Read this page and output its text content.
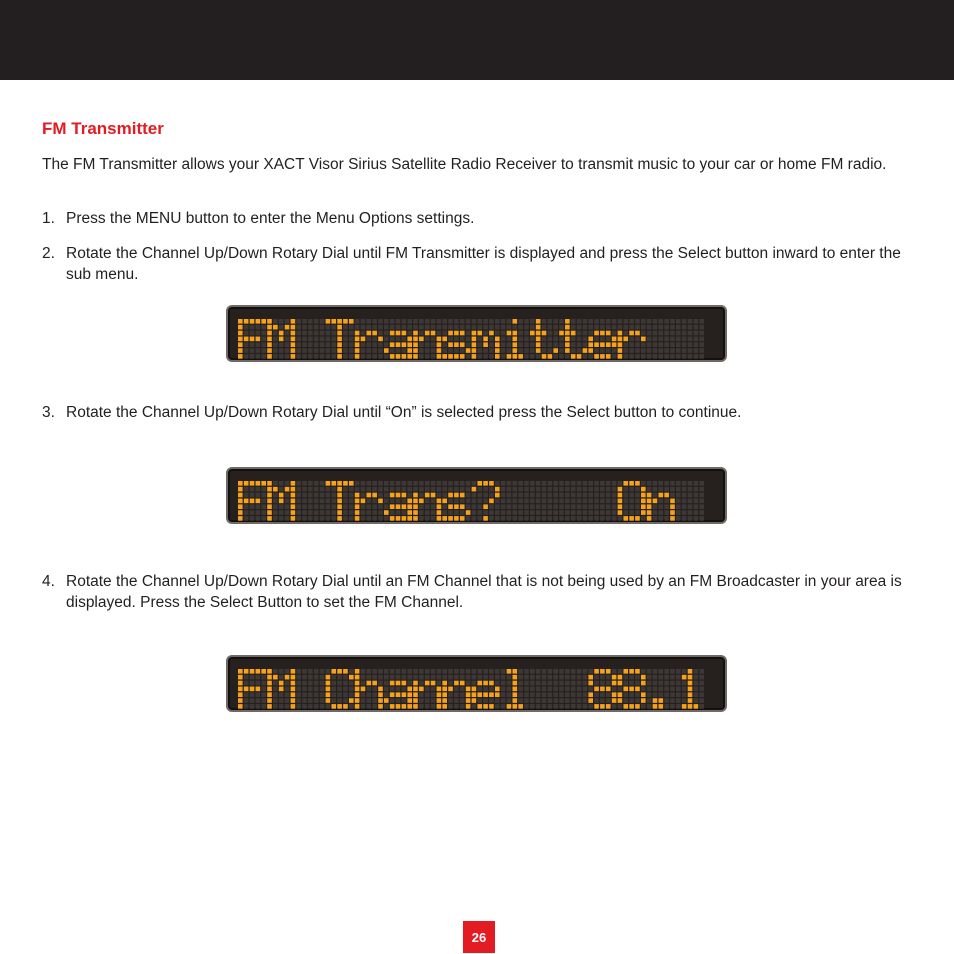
FM Transmitter

The FM Transmitter allows your XACT Visor Sirius Satellite Radio Receiver to transmit music to your car or home FM radio.

1. Press the MENU button to enter the Menu Options settings.
2. Rotate the Channel Up/Down Rotary Dial until FM Transmitter is displayed and press the Select button inward to enter the sub menu.
3. Rotate the Channel Up/Down Rotary Dial until “On” is selected press the Select button to continue.
4. Rotate the Channel Up/Down Rotary Dial until an FM Channel that is not being used by an FM Broadcaster in your area is displayed. Press the Select Button to set the FM Channel.
26
